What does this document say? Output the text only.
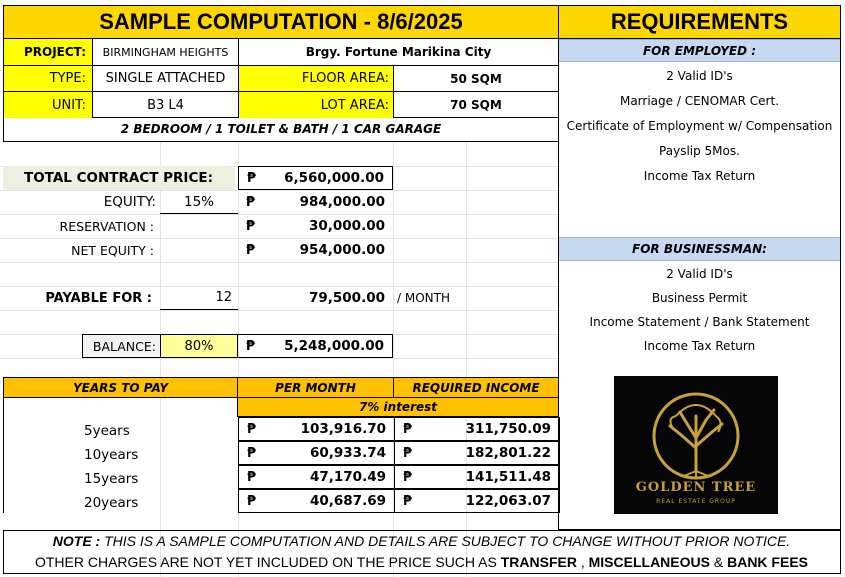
SAMPLE COMPUTATION - 8/6/2025	REQUIREMENTS
PROJECT:	BIRMINGHAM HEIGHTS	Brgy. Fortune Marikina City
TYPE:	SINGLE ATTACHED	FLOOR AREA:	50 SQM
UNIT:	B3 L4	LOT AREA:	70 SQM
2 BEDROOM / 1 TOILET & BATH / 1 CAR GARAGE
TOTAL CONTRACT PRICE:	₱ 6,560,000.00
EQUITY:	15%	₱	984,000.00
RESERVATION :	₱	30,000.00
NET EQUITY :	₱	954,000.00
PAYABLE FOR :	12	79,500.00	/ MONTH
BALANCE:	80%	₱ 5,248,000.00
YEARS TO PAY	PER MONTH	REQUIRED INCOME
7% interest
5years	₱	103,916.70 ₱	311,750.09
10years	₱	60,933.74 ₱	182,801.22
15years	₱	47,170.49 ₱	141,511.48
20years	₱	40,687.69 ₱	122,063.07
FOR EMPLOYED :
2 Valid ID's
Marriage / CENOMAR Cert.
Certificate of Employment w/ Compensation
Payslip 5Mos.
Income Tax Return
FOR BUSINESSMAN:
2 Valid ID's
Business Permit
Income Statement / Bank Statement
Income Tax Return
GOLDEN TREE
REAL ESTATE GROUP
NOTE : THIS IS A SAMPLE COMPUTATION AND DETAILS ARE SUBJECT TO CHANGE WITHOUT PRIOR NOTICE.
OTHER CHARGES ARE NOT YET INCLUDED ON THE PRICE SUCH AS TRANSFER , MISCELLANEOUS & BANK FEES
